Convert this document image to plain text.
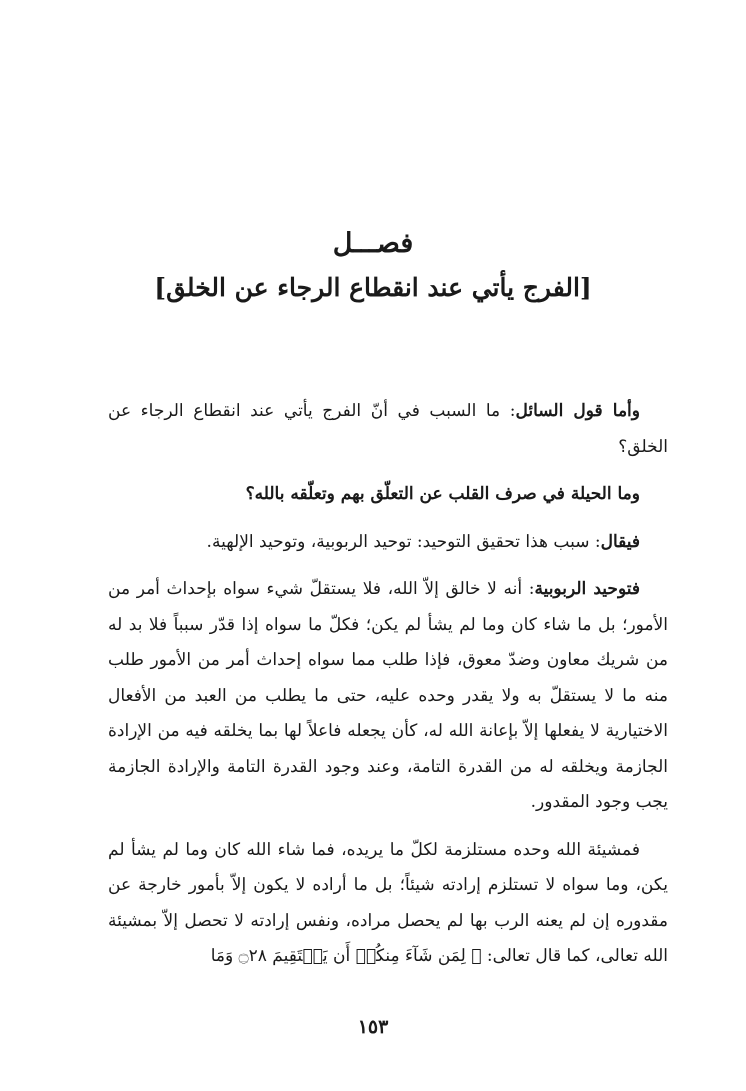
فصـــل
[الفرج يأتي عند انقطاع الرجاء عن الخلق]

وأما قول السائل: ما السبب في أنّ الفرج يأتي عند انقطاع الرجاء عن الخلق؟

وما الحيلة في صرف القلب عن التعلّق بهم وتعلّقه بالله؟

فيقال: سبب هذا تحقيق التوحيد: توحيد الربوبية، وتوحيد الإلهية.

فتوحيد الربوبية: أنه لا خالق إلاّ الله، فلا يستقلّ شيء سواه بإحداث أمر من الأمور؛ بل ما شاء كان وما لم يشأ لم يكن؛ فكلّ ما سواه إذا قدّر سبباً فلا بد له من شريك معاون وضدّ معوق، فإذا طلب مما سواه إحداث أمر من الأمور طلب منه ما لا يستقلّ به ولا يقدر وحده عليه، حتى ما يطلب من العبد من الأفعال الاختيارية لا يفعلها إلاّ بإعانة الله له، كأن يجعله فاعلاً لها بما يخلقه فيه من الإرادة الجازمة ويخلقه له من القدرة التامة، وعند وجود القدرة التامة والإرادة الجازمة يجب وجود المقدور.

فمشيئة الله وحده مستلزمة لكلّ ما يريده، فما شاء الله كان وما لم يشأ لم يكن، وما سواه لا تستلزم إرادته شيئاً؛ بل ما أراده لا يكون إلاّ بأمور خارجة عن مقدوره إن لم يعنه الرب بها لم يحصل مراده، ونفس إرادته لا تحصل إلاّ بمشيئة الله تعالى، كما قال تعالى: ﴿ لِمَن شَآءَ مِنكُمۡ أَن يَسۡتَقِيمَ ۝٢٨ وَمَا

١٥٣
